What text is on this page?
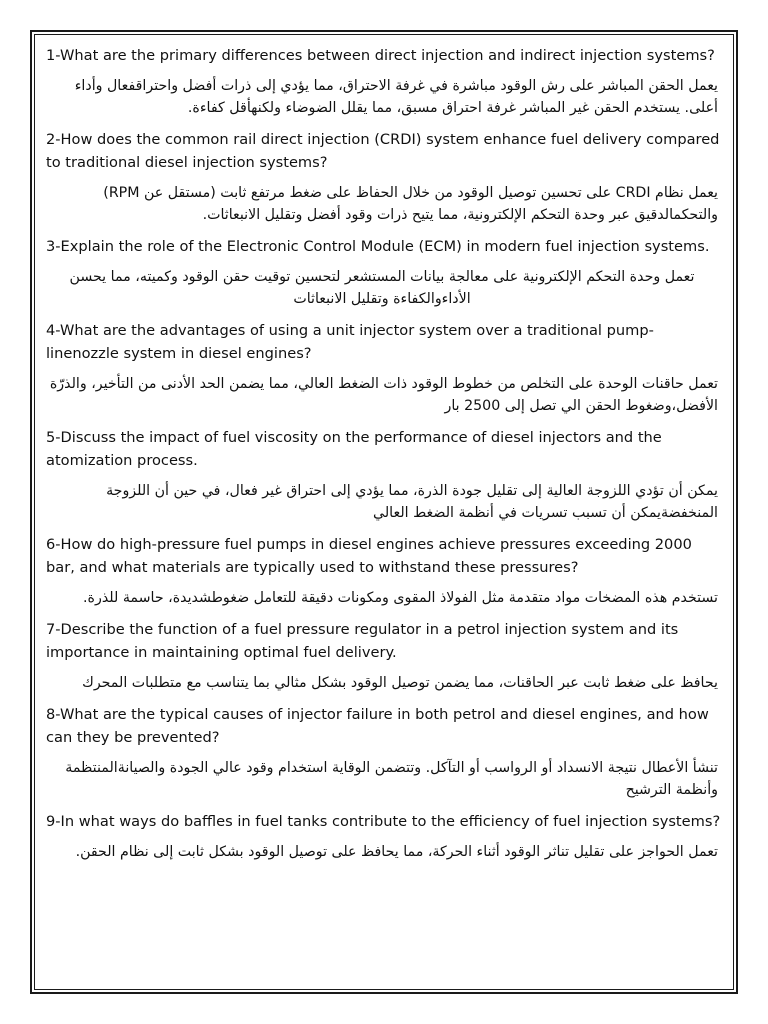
1-What are the primary differences between direct injection and indirect injection systems?

يعمل الحقن المباشر على رش الوقود مباشرة في غرفة الاحتراق، مما يؤدي إلى ذرات أفضل واحتراقفعال وأداء أعلى. يستخدم الحقن غير المباشر غرفة احتراق مسبق، مما يقلل الضوضاء ولكنهأقل كفاءة.

2-How does the common rail direct injection (CRDI) system enhance fuel delivery compared to traditional diesel injection systems?

يعمل نظام CRDI على تحسين توصيل الوقود من خلال الحفاظ على ضغط مرتفع ثابت (مستقل عن RPM) والتحكمالدقيق عبر وحدة التحكم الإلكترونية، مما يتيح ذرات وقود أفضل وتقليل الانبعاثات.

3-Explain the role of the Electronic Control Module (ECM) in modern fuel injection systems.

تعمل وحدة التحكم الإلكترونية على معالجة بيانات المستشعر لتحسين توقيت حقن الوقود وكميته، مما يحسن الأداءوالكفاءة وتقليل الانبعاثات

4-What are the advantages of using a unit injector system over a traditional pump-linenozzle system in diesel engines?

تعمل حاقنات الوحدة على التخلص من خطوط الوقود ذات الضغط العالي، مما يضمن الحد الأدنى من التأخير، والذرّة الأفضل،وضغوط الحقن الي تصل إلى 2500 بار

5-Discuss the impact of fuel viscosity on the performance of diesel injectors and the atomization process.

يمكن أن تؤدي اللزوجة العالية إلى تقليل جودة الذرة، مما يؤدي إلى احتراق غير فعال، في حين أن اللزوجة المنخفضةيمكن أن تسبب تسريات في أنظمة الضغط العالي

6-How do high-pressure fuel pumps in diesel engines achieve pressures exceeding 2000 bar, and what materials are typically used to withstand these pressures?

تستخدم هذه المضخات مواد متقدمة مثل الفولاذ المقوى ومكونات دقيقة للتعامل ضغوطشديدة، حاسمة للذرة.

7-Describe the function of a fuel pressure regulator in a petrol injection system and its importance in maintaining optimal fuel delivery.

يحافظ على ضغط ثابت عبر الحاقنات، مما يضمن توصيل الوقود بشكل مثالي بما يتناسب مع متطلبات المحرك

8-What are the typical causes of injector failure in both petrol and diesel engines, and how can they be prevented?

تنشأ الأعطال نتيجة الانسداد أو الرواسب أو التآكل. وتتضمن الوقاية استخدام وقود عالي الجودة والصيانةالمنتظمة وأنظمة الترشيح

9-In what ways do baffles in fuel tanks contribute to the efficiency of fuel injection systems?

تعمل الحواجز على تقليل تناثر الوقود أثناء الحركة، مما يحافظ على توصيل الوقود بشكل ثابت إلى نظام الحقن.
